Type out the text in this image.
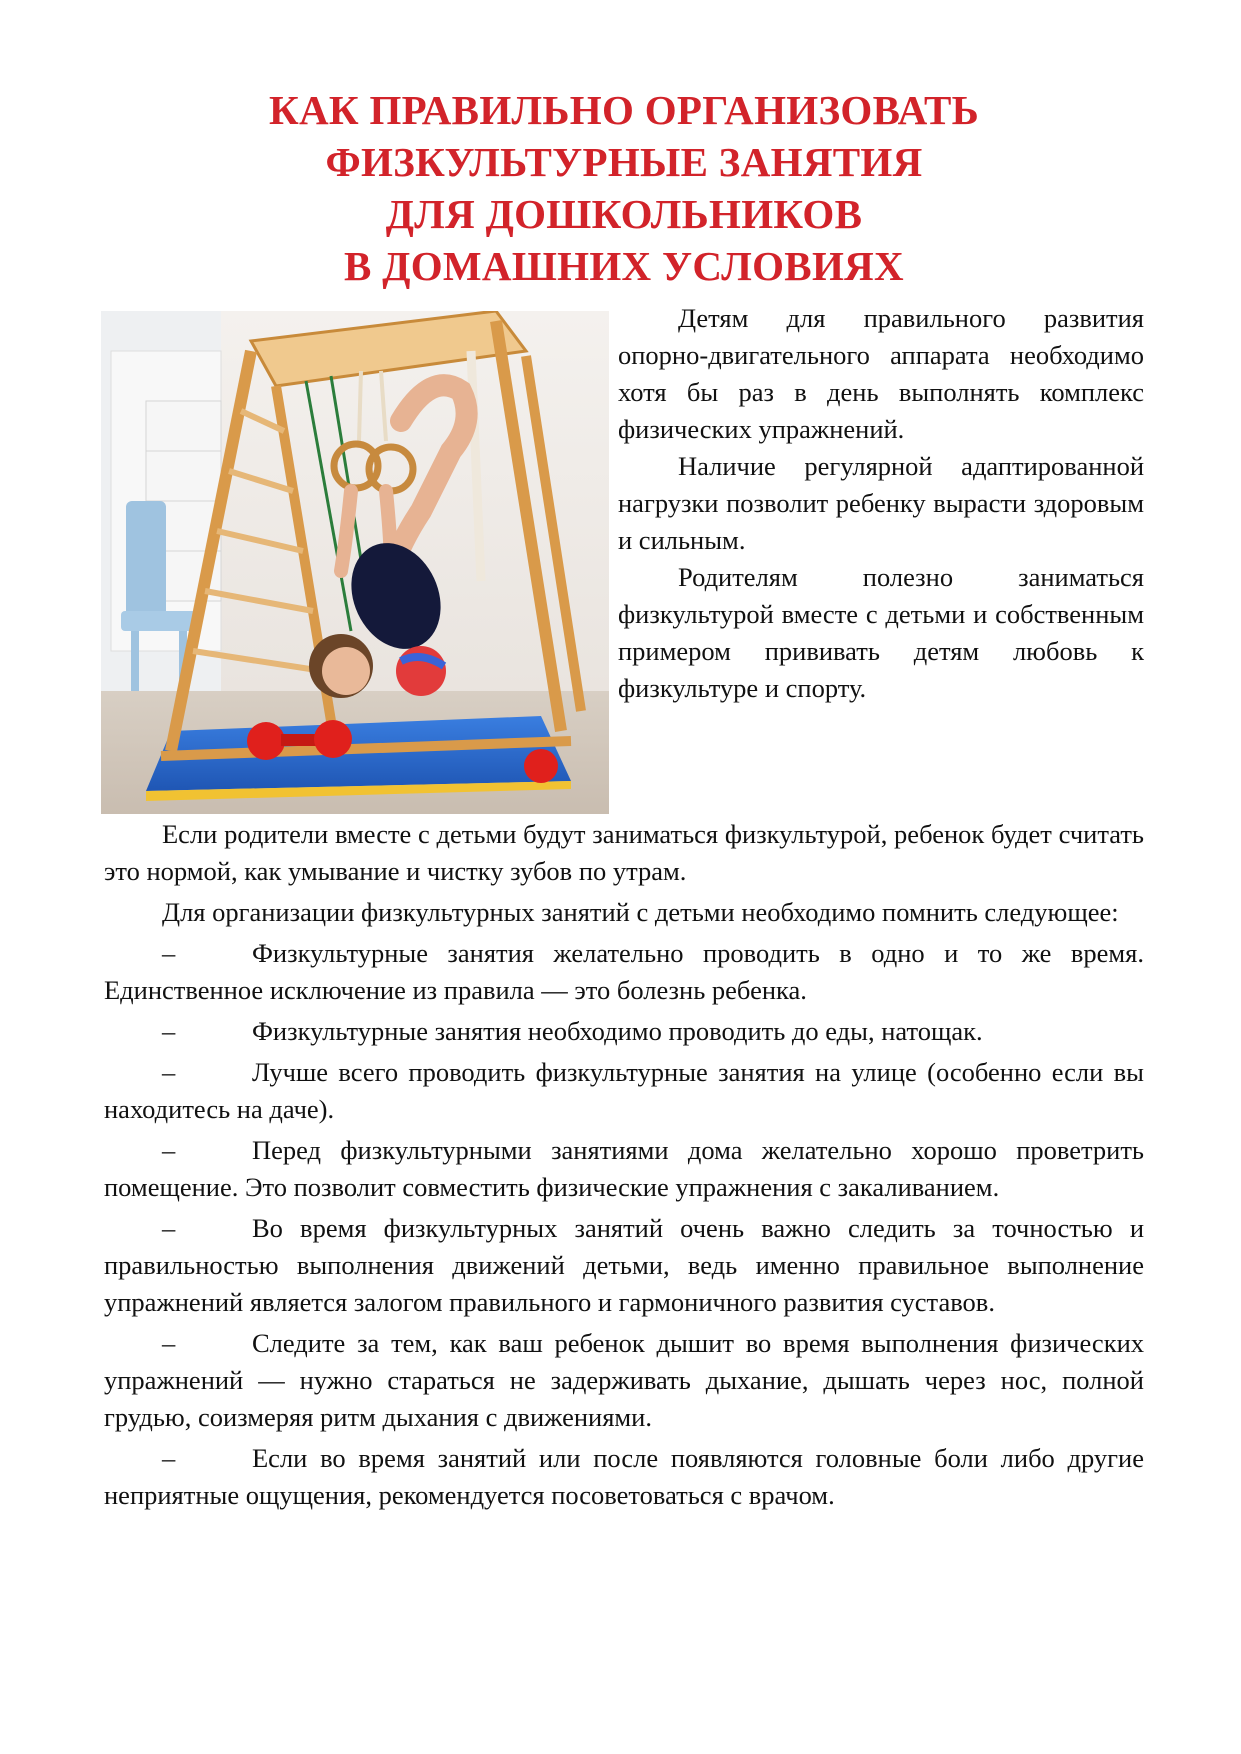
КАК ПРАВИЛЬНО ОРГАНИЗОВАТЬ
ФИЗКУЛЬТУРНЫЕ ЗАНЯТИЯ
ДЛЯ ДОШКОЛЬНИКОВ
В ДОМАШНИХ УСЛОВИЯХ

Детям для правильного развития опорно-двигательного аппарата необходимо хотя бы раз в день выполнять комплекс физических упражнений.

Наличие регулярной адаптированной нагрузки позволит ребенку вырасти здоровым и сильным.

Родителям полезно заниматься физкультурой вместе с детьми и собственным примером прививать детям любовь к физкультуре и спорту.

Если родители вместе с детьми будут заниматься физкультурой, ребенок будет считать это нормой, как умывание и чистку зубов по утрам.

Для организации физкультурных занятий с детьми необходимо помнить следующее:

–	Физкультурные занятия желательно проводить в одно и то же время. Единственное исключение из правила — это болезнь ребенка.

–	Физкультурные занятия необходимо проводить до еды, натощак.

–	Лучше всего проводить физкультурные занятия на улице (особенно если вы находитесь на даче).

–	Перед физкультурными занятиями дома желательно хорошо проветрить помещение. Это позволит совместить физические упражнения с закаливанием.

–	Во время физкультурных занятий очень важно следить за точностью и правильностью выполнения движений детьми, ведь именно правильное выполнение упражнений является залогом правильного и гармоничного развития суставов.

–	Следите за тем, как ваш ребенок дышит во время выполнения физических упражнений — нужно стараться не задерживать дыхание, дышать через нос, полной грудью, соизмеряя ритм дыхания с движениями.

–	Если во время занятий или после появляются головные боли либо другие неприятные ощущения, рекомендуется посоветоваться с врачом.
